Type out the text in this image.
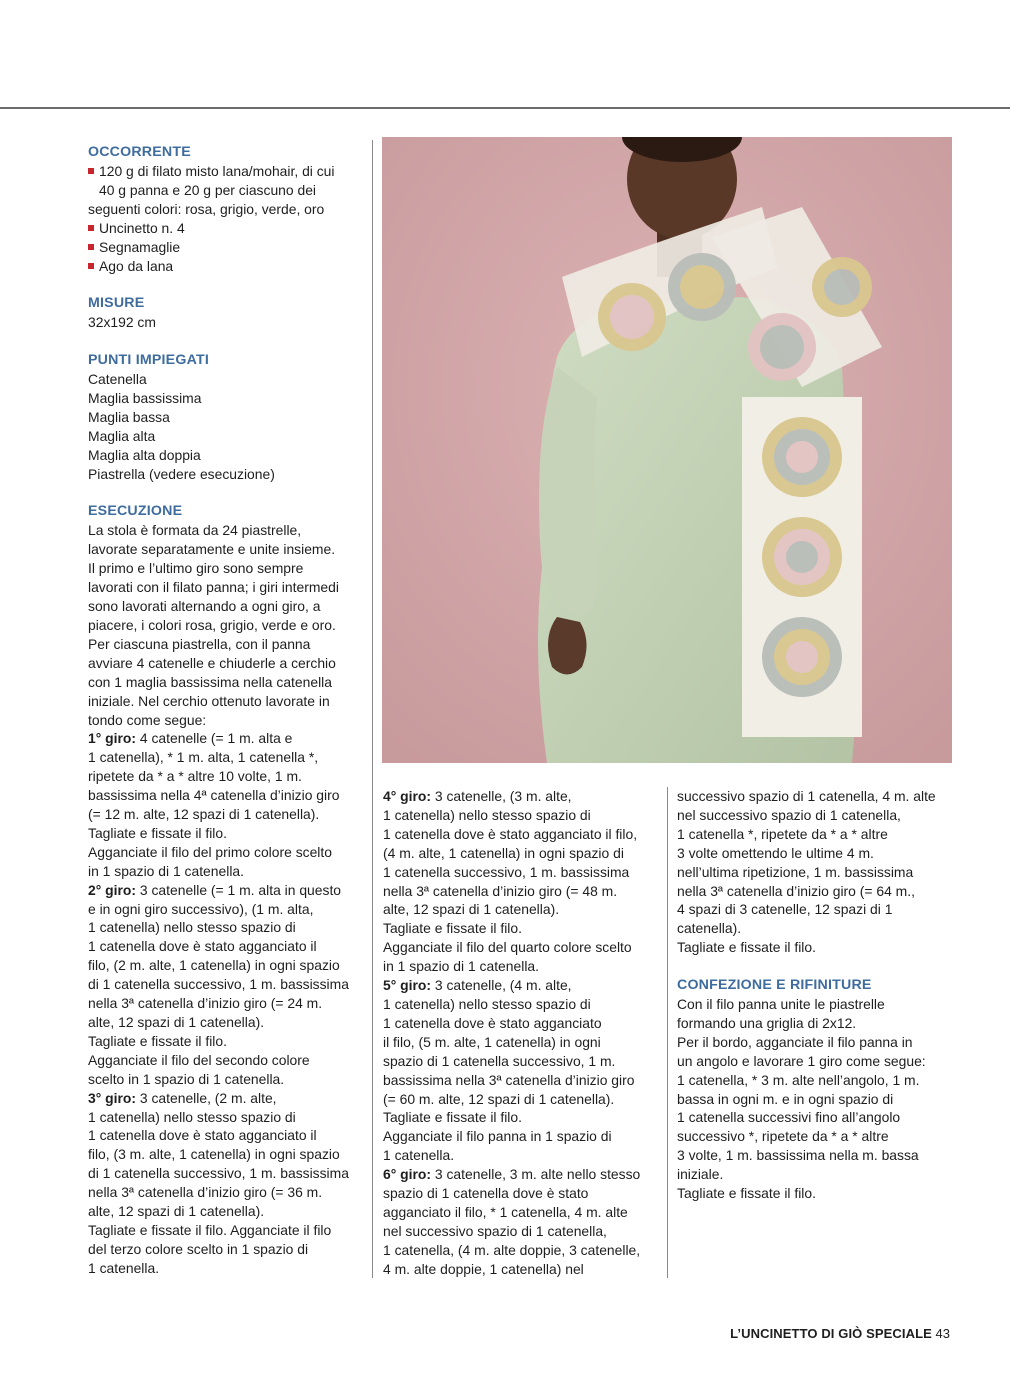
OCCORRENTE
120 g di filato misto lana/mohair, di cui
40 g panna e 20 g per ciascuno dei
seguenti colori: rosa, grigio, verde, oro
Uncinetto n. 4
Segnamaglie
Ago da lana
MISURE

32x192 cm

PUNTI IMPIEGATI

Catenella

Maglia bassissima

Maglia bassa

Maglia alta

Maglia alta doppia

Piastrella (vedere esecuzione)

ESECUZIONE

La stola è formata da 24 piastrelle,

lavorate separatamente e unite insieme.

Il primo e l’ultimo giro sono sempre

lavorati con il filato panna; i giri intermedi

sono lavorati alternando a ogni giro, a

piacere, i colori rosa, grigio, verde e oro.

Per ciascuna piastrella, con il panna

avviare 4 catenelle e chiuderle a cerchio

con 1 maglia bassissima nella catenella

iniziale. Nel cerchio ottenuto lavorate in

tondo come segue:

1° giro: 4 catenelle (= 1 m. alta e

1 catenella), * 1 m. alta, 1 catenella *,

ripetete da * a * altre 10 volte, 1 m.

bassissima nella 4ª catenella d’inizio giro

(= 12 m. alte, 12 spazi di 1 catenella).

Tagliate e fissate il filo.

Agganciate il filo del primo colore scelto

in 1 spazio di 1 catenella.

2° giro: 3 catenelle (= 1 m. alta in questo

e in ogni giro successivo), (1 m. alta,

1 catenella) nello stesso spazio di

1 catenella dove è stato agganciato il

filo, (2 m. alte, 1 catenella) in ogni spazio

di 1 catenella successivo, 1 m. bassissima

nella 3ª catenella d’inizio giro (= 24 m.

alte, 12 spazi di 1 catenella).

Tagliate e fissate il filo.

Agganciate il filo del secondo colore

scelto in 1 spazio di 1 catenella.

3° giro: 3 catenelle, (2 m. alte,

1 catenella) nello stesso spazio di

1 catenella dove è stato agganciato il

filo, (3 m. alte, 1 catenella) in ogni spazio

di 1 catenella successivo, 1 m. bassissima

nella 3ª catenella d’inizio giro (= 36 m.

alte, 12 spazi di 1 catenella).

Tagliate e fissate il filo. Agganciate il filo

del terzo colore scelto in 1 spazio di

1 catenella.

4° giro: 3 catenelle, (3 m. alte,

1 catenella) nello stesso spazio di

1 catenella dove è stato agganciato il filo,

(4 m. alte, 1 catenella) in ogni spazio di

1 catenella successivo, 1 m. bassissima

nella 3ª catenella d’inizio giro (= 48 m.

alte, 12 spazi di 1 catenella).

Tagliate e fissate il filo.

Agganciate il filo del quarto colore scelto

in 1 spazio di 1 catenella.

5° giro: 3 catenelle, (4 m. alte,

1 catenella) nello stesso spazio di

1 catenella dove è stato agganciato

il filo, (5 m. alte, 1 catenella) in ogni

spazio di 1 catenella successivo, 1 m.

bassissima nella 3ª catenella d’inizio giro

(= 60 m. alte, 12 spazi di 1 catenella).

Tagliate e fissate il filo.

Agganciate il filo panna in 1 spazio di

1 catenella.

6° giro: 3 catenelle, 3 m. alte nello stesso

spazio di 1 catenella dove è stato

agganciato il filo, * 1 catenella, 4 m. alte

nel successivo spazio di 1 catenella,

1 catenella, (4 m. alte doppie, 3 catenelle,

4 m. alte doppie, 1 catenella) nel

successivo spazio di 1 catenella, 4 m. alte

nel successivo spazio di 1 catenella,

1 catenella *, ripetete da * a * altre

3 volte omettendo le ultime 4 m.

nell’ultima ripetizione, 1 m. bassissima

nella 3ª catenella d’inizio giro (= 64 m.,

4 spazi di 3 catenelle, 12 spazi di 1

catenella).

Tagliate e fissate il filo.

CONFEZIONE E RIFINITURE

Con il filo panna unite le piastrelle

formando una griglia di 2x12.

Per il bordo, agganciate il filo panna in

un angolo e lavorare 1 giro come segue:

1 catenella, * 3 m. alte nell’angolo, 1 m.

bassa in ogni m. e in ogni spazio di

1 catenella successivi fino all’angolo

successivo *, ripetete da * a * altre

3 volte, 1 m. bassissima nella m. bassa

iniziale.

Tagliate e fissate il filo.

L’UNCINETTO DI GIÒ SPECIALE 43
